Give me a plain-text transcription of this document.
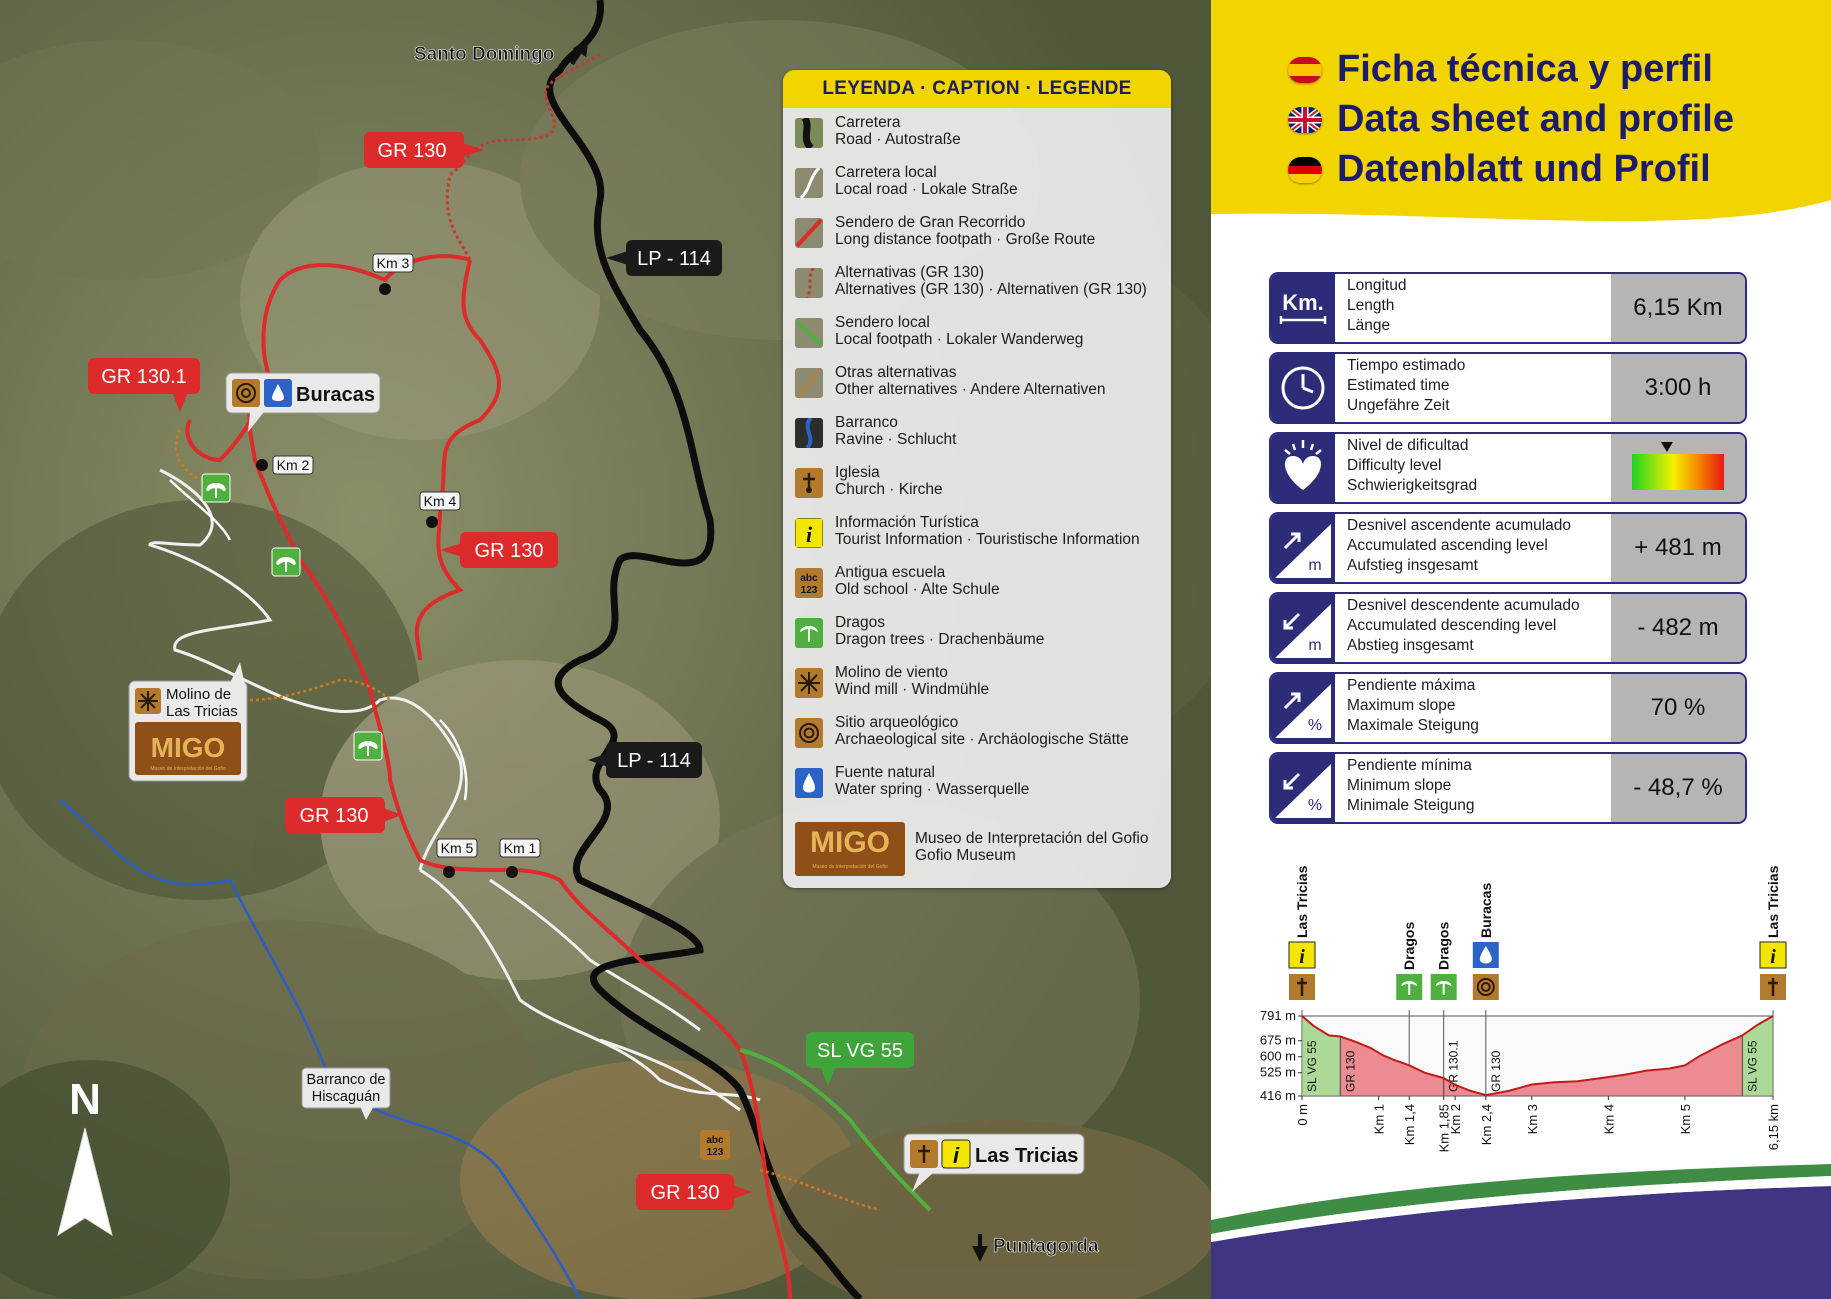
Km 3
Km 2
Km 4
Km 5 Km 1
GR 130
GR 130.1
GR 130
GR 130
GR 130
SL VG 55
LP - 114
LP - 114
Santo Domingo
Puntagorda
Buracas
i Las Tricias
Molino de
Las Tricias
MIGO
Museo de Interpretación del Gofio
Barranco de
Hiscaguán
abc
123
N
LEYENDA · CAPTION · LEGENDE
Carretera
Road · Autostraße
Carretera local
Local road · Lokale Straße
Sendero de Gran Recorrido
Long distance footpath · Große Route
Alternativas (GR 130)
Alternatives (GR 130) · Alternativen (GR 130)
Sendero local
Local footpath · Lokaler Wanderweg
Otras alternativas
Other alternatives · Andere Alternativen
Barranco
Ravine · Schlucht
Iglesia
Church · Kirche
i Información Turística
Tourist Information · Touristische Information
abc
123
Antigua escuela
Old school · Alte Schule
Dragos
Dragon trees · Drachenbäume
Molino de viento
Wind mill · Windmühle
Sitio arqueológico
Archaeological site · Archäologische Stätte
Fuente natural
Water spring · Wasserquelle
MIGO
Museo de Interpretación del Gofio
Museo de Interpretación del Gofio
Gofio Museum
Ficha técnica y perfil
Data sheet and profile
Datenblatt und Profil
Km.
Longitud
Length
Länge
6,15 Km
Tiempo estimado
Estimated time
Ungefähre Zeit
3:00 h
Nivel de dificultad
Difficulty level
Schwierigkeitsgrad
m
Desnivel ascendente acumulado
Accumulated ascending level
Aufstieg insgesamt
+ 481 m
m
Desnivel descendente acumulado
Accumulated descending level
Abstieg insgesamt
- 482 m
%
Pendiente máxima
Maximum slope
Maximale Steigung
70 %
%
Pendiente mínima
Minimum slope
Minimale Steigung
- 48,7 %
SL VG 55 GR 130	GR 130.1 GR 130	SL VG 55
791 m
675 m
600 m
525 m
416 m
0 m	Km 1 Km 1,4 Km 1,85
Km 2 Km 2,4 Km 3	Km 4	Km 5	6,15 km
i
Las Tricias
Dragos Dragos
Buracas
i
Las Tricias
